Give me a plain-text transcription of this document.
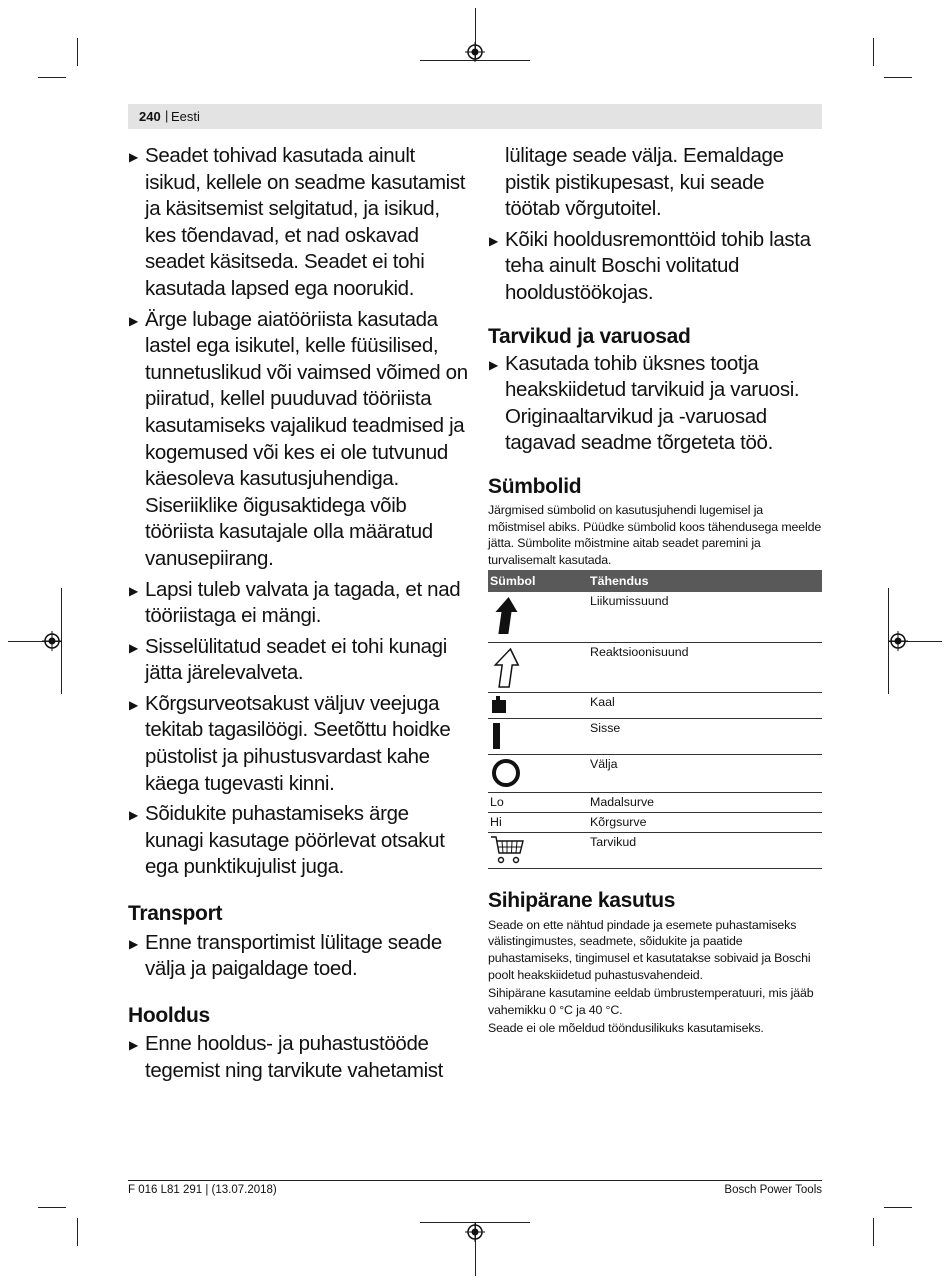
240 | Eesti
▶ Seadet tohivad kasutada ainult isikud, kellele on seadme kasutamist ja käsitsemist selgitatud, ja isikud, kes tõendavad, et nad oskavad seadet käsitseda. Seadet ei tohi kasutada lapsed ega noorukid.
▶ Ärge lubage aiatööriista kasutada lastel ega isikutel, kelle füüsilised, tunnetuslikud või vaimsed võimed on piiratud, kellel puuduvad tööriista kasutamiseks vajalikud teadmised ja kogemused või kes ei ole tutvunud käesoleva kasutusjuhendiga. Siseriiklike õigusaktidega võib tööriista kasutajale olla määratud vanusepiirang.
▶ Lapsi tuleb valvata ja tagada, et nad tööriistaga ei mängi.
▶ Sisselülitatud seadet ei tohi kunagi jätta järelevalveta.
▶ Kõrgsurveotsakust väljuv veejuga tekitab tagasilöögi. Seetõttu hoidke püstolist ja pihustusvardast kahe käega tugevasti kinni.
▶ Sõidukite puhastamiseks ärge kunagi kasutage pöörlevat otsakut ega punktikujulist juga.
Transport
▶ Enne transportimist lülitage seade välja ja paigaldage toed.
Hooldus
▶ Enne hooldus- ja puhastustööde tegemist ning tarvikute vahetamist
lülitage seade välja. Eemaldage pistik pistikupesast, kui seade töötab võrgutoitel.
▶ Kõiki hooldusremonttöid tohib lasta teha ainult Boschi volitatud hooldustöökojas.
Tarvikud ja varuosad
▶ Kasutada tohib üksnes tootja heakskiidetud tarvikuid ja varuosi. Originaaltarvikud ja -varuosad tagavad seadme tõrgeteta töö.
Sümbolid
Järgmised sümbolid on kasutusjuhendi lugemisel ja mõistmisel abiks. Püüdke sümbolid koos tähendusega meelde jätta. Sümbolite mõistmine aitab seadet paremini ja turvalisemalt kasutada.
Sümbol	Tähendus
	Liikumissuund
	Reaktsioonisuund
	Kaal
	Sisse
	Välja
Lo	Madalsurve
Hi	Kõrgsurve
	Tarvikud
Sihipärane kasutus
Seade on ette nähtud pindade ja esemete puhastamiseks välistingimustes, seadmete, sõidukite ja paatide puhastamiseks, tingimusel et kasutatakse sobivaid ja Boschi poolt heakskiidetud puhastusvahendeid.
Sihipärane kasutamine eeldab ümbrustemperatuuri, mis jääb vahemikku 0 °C ja 40 °C.
Seade ei ole mõeldud tööndusilikuks kasutamiseks.
F 016 L81 291 | (13.07.2018)	Bosch Power Tools
